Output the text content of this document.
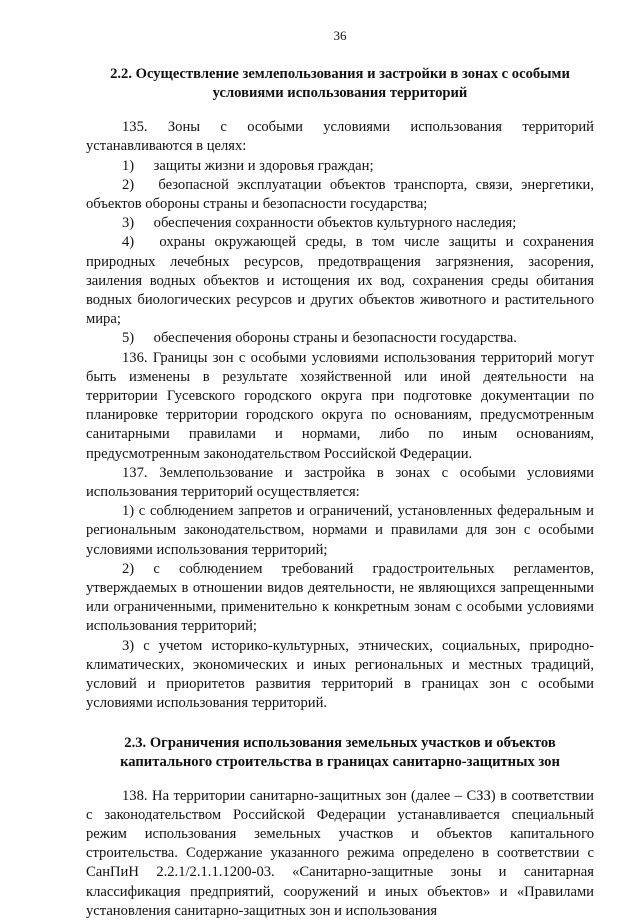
36
2.2. Осуществление землепользования и застройки в зонах с особыми
условиями использования территорий

135. Зоны с особыми условиями использования территорий устанавливаются в целях:

1) защиты жизни и здоровья граждан;

2) безопасной эксплуатации объектов транспорта, связи, энергетики, объектов обороны страны и безопасности государства;

3) обеспечения сохранности объектов культурного наследия;

4) охраны окружающей среды, в том числе защиты и сохранения природных лечебных ресурсов, предотвращения загрязнения, засорения, заиления водных объектов и истощения их вод, сохранения среды обитания водных биологических ресурсов и других объектов животного и растительного мира;

5) обеспечения обороны страны и безопасности государства.

136. Границы зон с особыми условиями использования территорий могут быть изменены в результате хозяйственной или иной деятельности на территории Гусевского городского округа при подготовке документации по планировке территории городского округа по основаниям, предусмотренным санитарными правилами и нормами, либо по иным основаниям, предусмотренным законодательством Российской Федерации.

137. Землепользование и застройка в зонах с особыми условиями использования территорий осуществляется:

1) с соблюдением запретов и ограничений, установленных федеральным и региональным законодательством, нормами и правилами для зон с особыми условиями использования территорий;

2) с соблюдением требований градостроительных регламентов, утверждаемых в отношении видов деятельности, не являющихся запрещенными или ограниченными, применительно к конкретным зонам с особыми условиями использования территорий;

3) с учетом историко-культурных, этнических, социальных, природно-климатических, экономических и иных региональных и местных традиций, условий и приоритетов развития территорий в границах зон с особыми условиями использования территорий.

2.3. Ограничения использования земельных участков и объектов
капитального строительства в границах санитарно-защитных зон

138. На территории санитарно-защитных зон (далее – СЗЗ) в соответствии с законодательством Российской Федерации устанавливается специальный режим использования земельных участков и объектов капитального строительства. Содержание указанного режима определено в соответствии с СанПиН 2.2.1/2.1.1.1200-03. «Санитарно-защитные зоны и санитарная классификация предприятий, сооружений и иных объектов» и «Правилами установления санитарно-защитных зон и использования
